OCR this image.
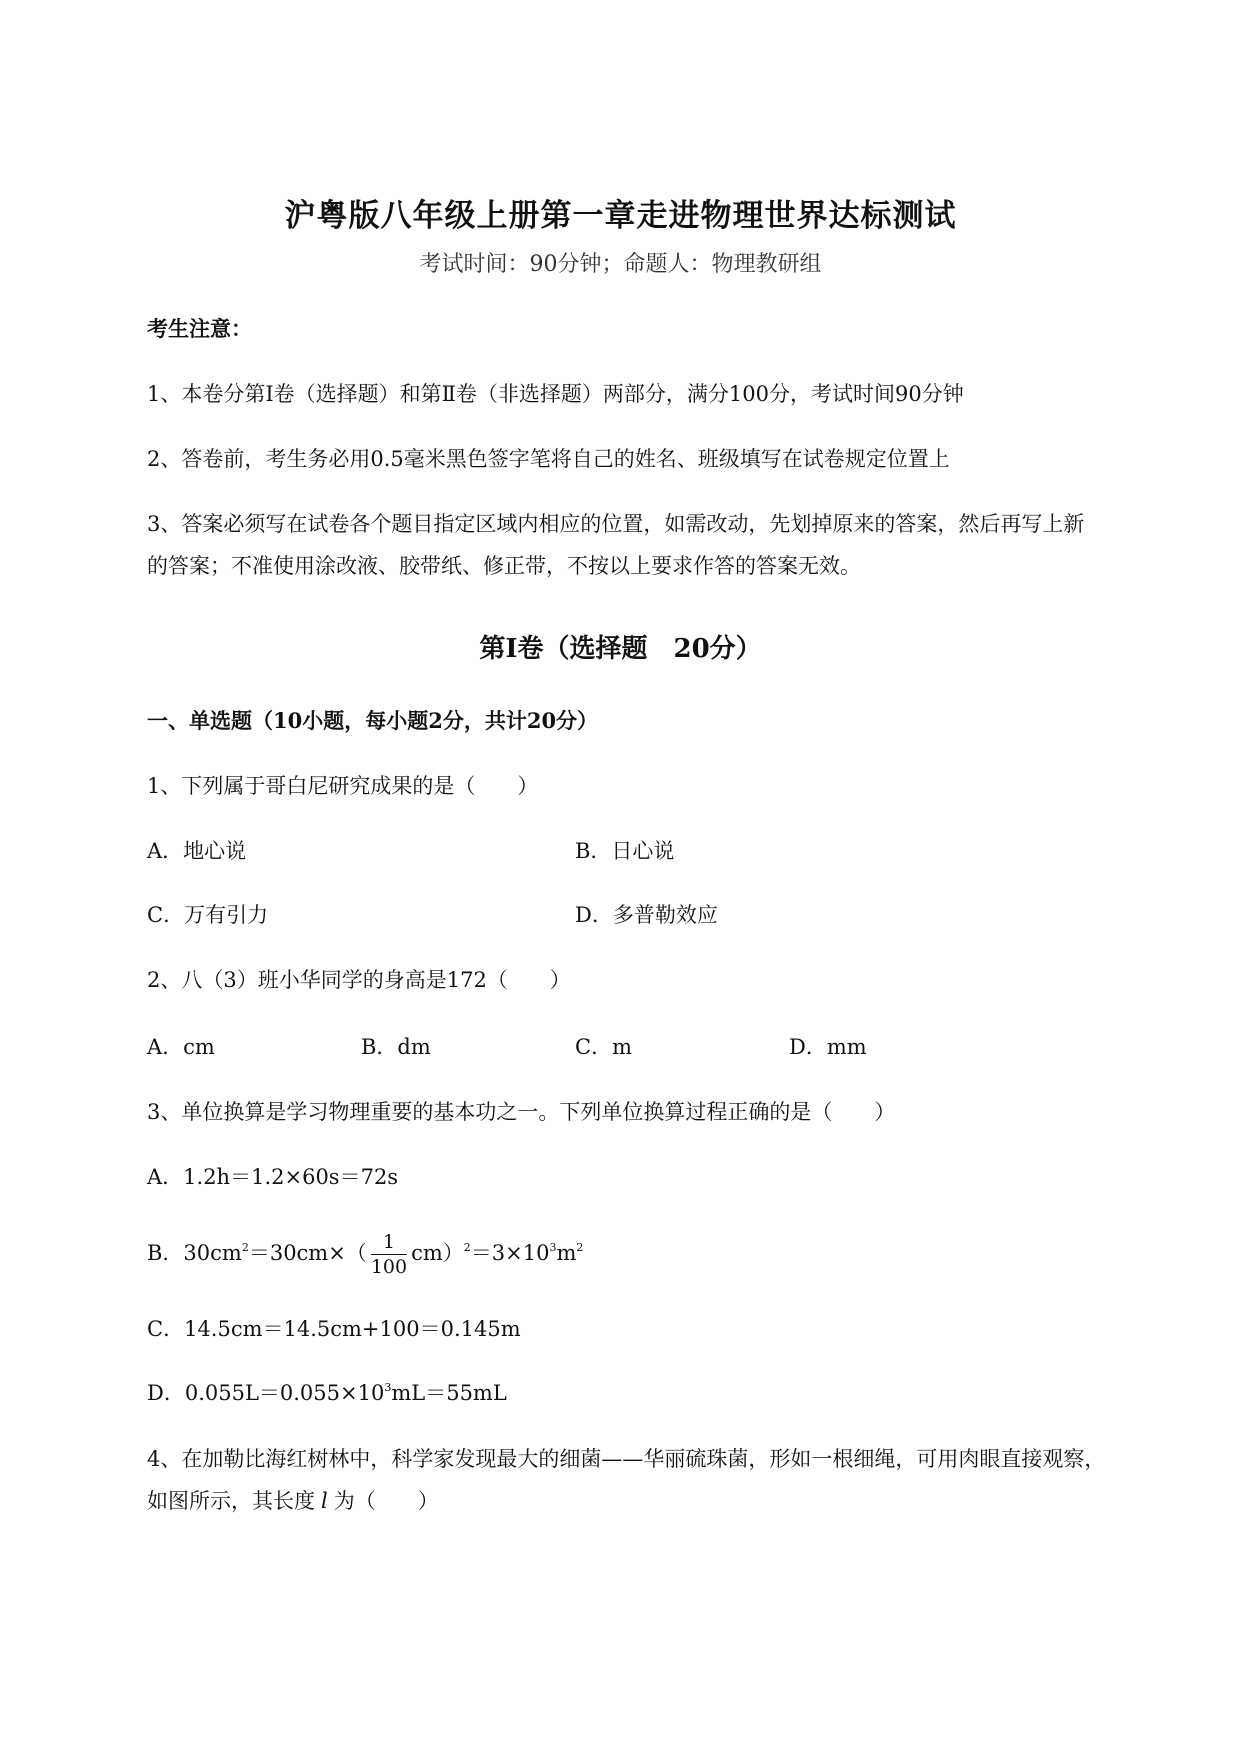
沪粤版八年级上册第一章走进物理世界达标测试
考试时间：90分钟；命题人：物理教研组
考生注意：
1、本卷分第Ⅰ卷（选择题）和第Ⅱ卷（非选择题）两部分，满分100分，考试时间90分钟
2、答卷前，考生务必用0.5毫米黑色签字笔将自己的姓名、班级填写在试卷规定位置上
3、答案必须写在试卷各个题目指定区域内相应的位置，如需改动，先划掉原来的答案，然后再写上新
的答案；不准使用涂改液、胶带纸、修正带，不按以上要求作答的答案无效。
第Ⅰ卷（选择题　20分）
一、单选题（10小题，每小题2分，共计20分）
1、下列属于哥白尼研究成果的是（　　）
A．地心说	B．日心说
C．万有引力	D．多普勒效应
2、八（3）班小华同学的身高是172（　　）
A．cm	B．dm	C．m	D．mm
3、单位换算是学习物理重要的基本功之一。下列单位换算过程正确的是（　　）
A．1.2h＝1.2×60s＝72s
B．$30cm^2=30cm\times( \frac{1}{100} cm)^2=3\times 10^3m^2$
C．14.5cm＝14.5cm+100＝0.145m
D．$0.055L=0.055\times 10^3mL=55mL$
4、在加勒比海红树林中，科学家发现最大的细菌——华丽硫珠菌，形如一根细绳，可用肉眼直接观察，
如图所示，其长度 l 为（　　）
